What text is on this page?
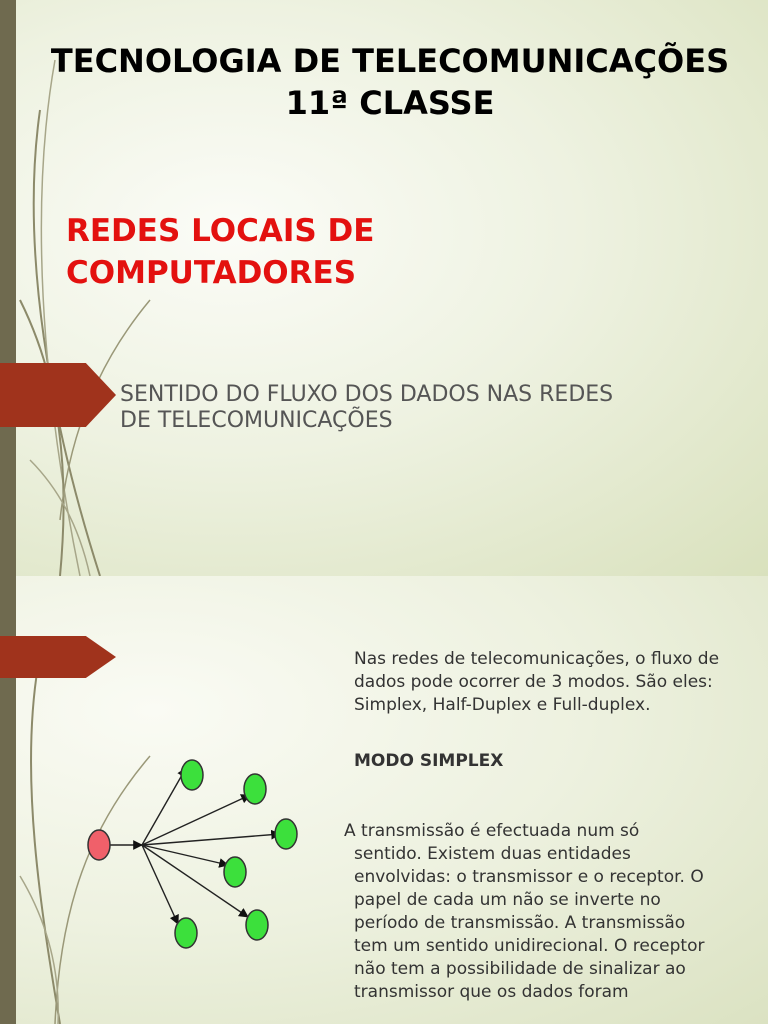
TECNOLOGIA DE TELECOMUNICAÇÕES 11ª CLASSE
REDES LOCAIS DE
COMPUTADORES

SENTIDO DO FLUXO DOS DADOS NAS REDES DE TELECOMUNICAÇÕES

Nas redes de telecomunicações, o fluxo de dados pode ocorrer de 3 modos. São eles: Simplex, Half-Duplex e Full-duplex.
MODO SIMPLEX

A transmissão é efectuada num só
sentido. Existem duas entidades envolvidas: o transmissor e o receptor. O papel de cada um não se inverte no período de transmissão. A transmissão tem um sentido unidirecional. O receptor não tem a possibilidade de sinalizar ao transmissor que os dados foram
